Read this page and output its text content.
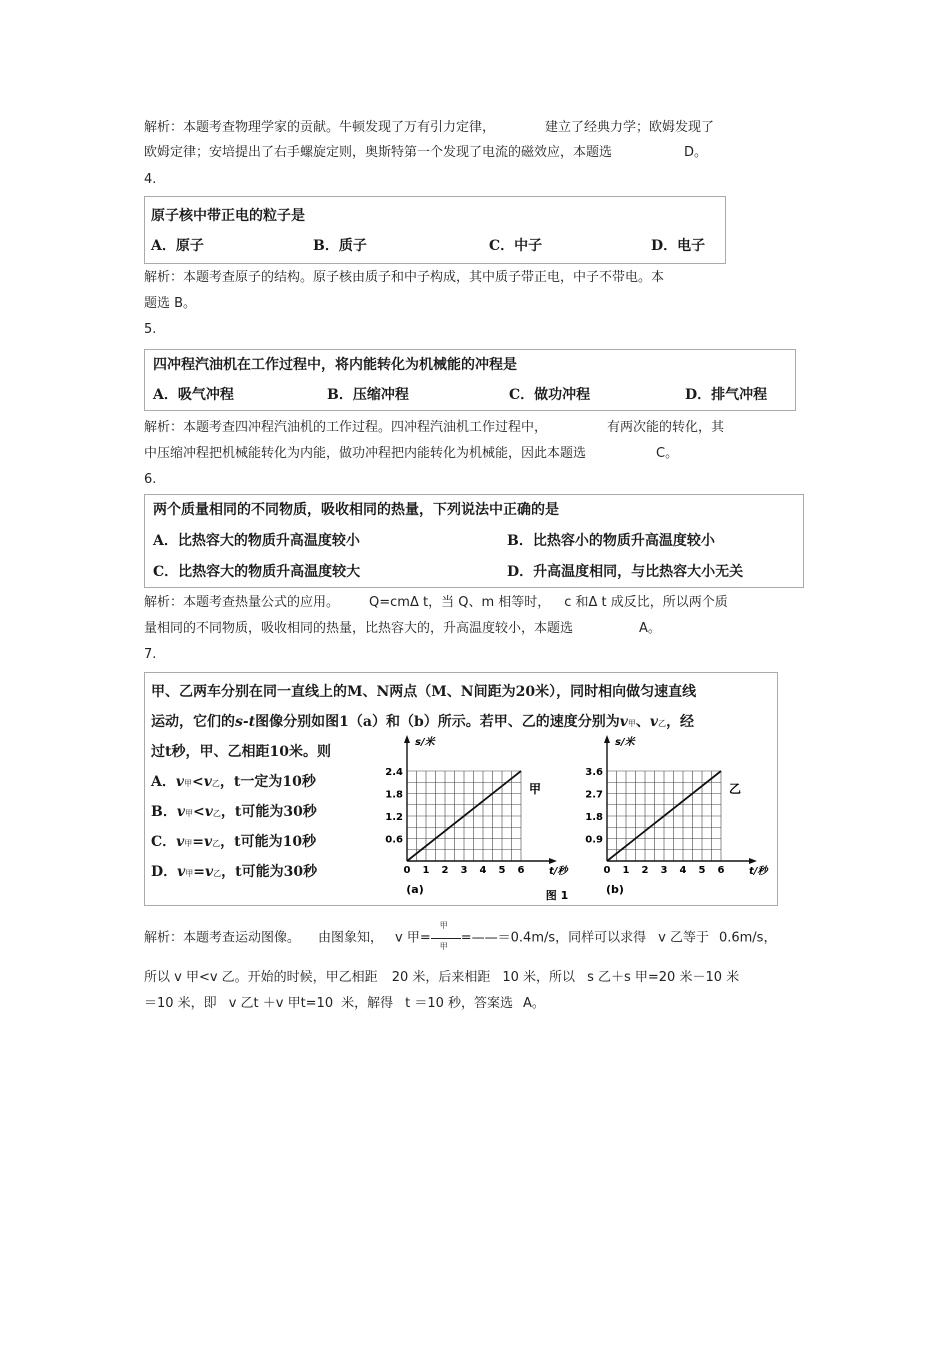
解析：本题考查物理学家的贡献。牛顿发现了万有引力定律，	建立了经典力学；欧姆发现了
欧姆定律；安培提出了右手螺旋定则，奥斯特第一个发现了电流的磁效应，本题选	D。
4.
原子核中带正电的粒子是
A．原子	B．质子	C．中子	D．电子
解析：本题考查原子的结构。原子核由质子和中子构成，其中质子带正电，中子不带电。本
题选 B。
5.
四冲程汽油机在工作过程中，将内能转化为机械能的冲程是
A．吸气冲程	B．压缩冲程	C．做功冲程	D．排气冲程
解析：本题考查四冲程汽油机的工作过程。四冲程汽油机工作过程中，	有两次能的转化，其
中压缩冲程把机械能转化为内能，做功冲程把内能转化为机械能，因此本题选	C。
6.
两个质量相同的不同物质，吸收相同的热量，下列说法中正确的是
A．比热容大的物质升高温度较小	B．比热容小的物质升高温度较小
C．比热容大的物质升高温度较大	D．升高温度相同，与比热容大小无关
解析：本题考查热量公式的应用。 Q=cmΔ t，当 Q、m 相等时， c 和Δ t 成反比，所以两个质
量相同的不同物质，吸收相同的热量，比热容大的，升高温度较小，本题选	A。
7.
甲、乙两车分别在同一直线上的M、N两点（M、N间距为20米），同时相向做匀速直线
运动，它们的s-t图像分别如图1（a）和（b）所示。若甲、乙的速度分别为v甲、v乙，经
过t秒，甲、乙相距10米。则
A．v甲<v乙，t一定为10秒
B．v甲<v乙，t可能为30秒
C．v甲=v乙，t可能为10秒
D．v甲=v乙，t可能为30秒	0 1 2 3 4 5 6
0.6
1.2
1.8
2.4
t/秒
s/米
甲
(a)
0 1 2 3 4 5 6
0.9
1.8
2.7
3.6
t/秒
s/米
乙
(b)
图 1
解析：本题考查运动图像。 由图象知， v 甲= $\frac{\text{甲}}{\text{甲}}$ =——＝0.4m/s，同样可以求得 v 乙等于 0.6m/s，
所以 v 甲<v 乙。开始的时候，甲乙相距 20 米，后来相距 10 米，所以 s 乙＋s 甲=20 米－10 米
＝10 米，即 v 乙t ＋v 甲t=10 米，解得 t ＝10 秒，答案选 A。
